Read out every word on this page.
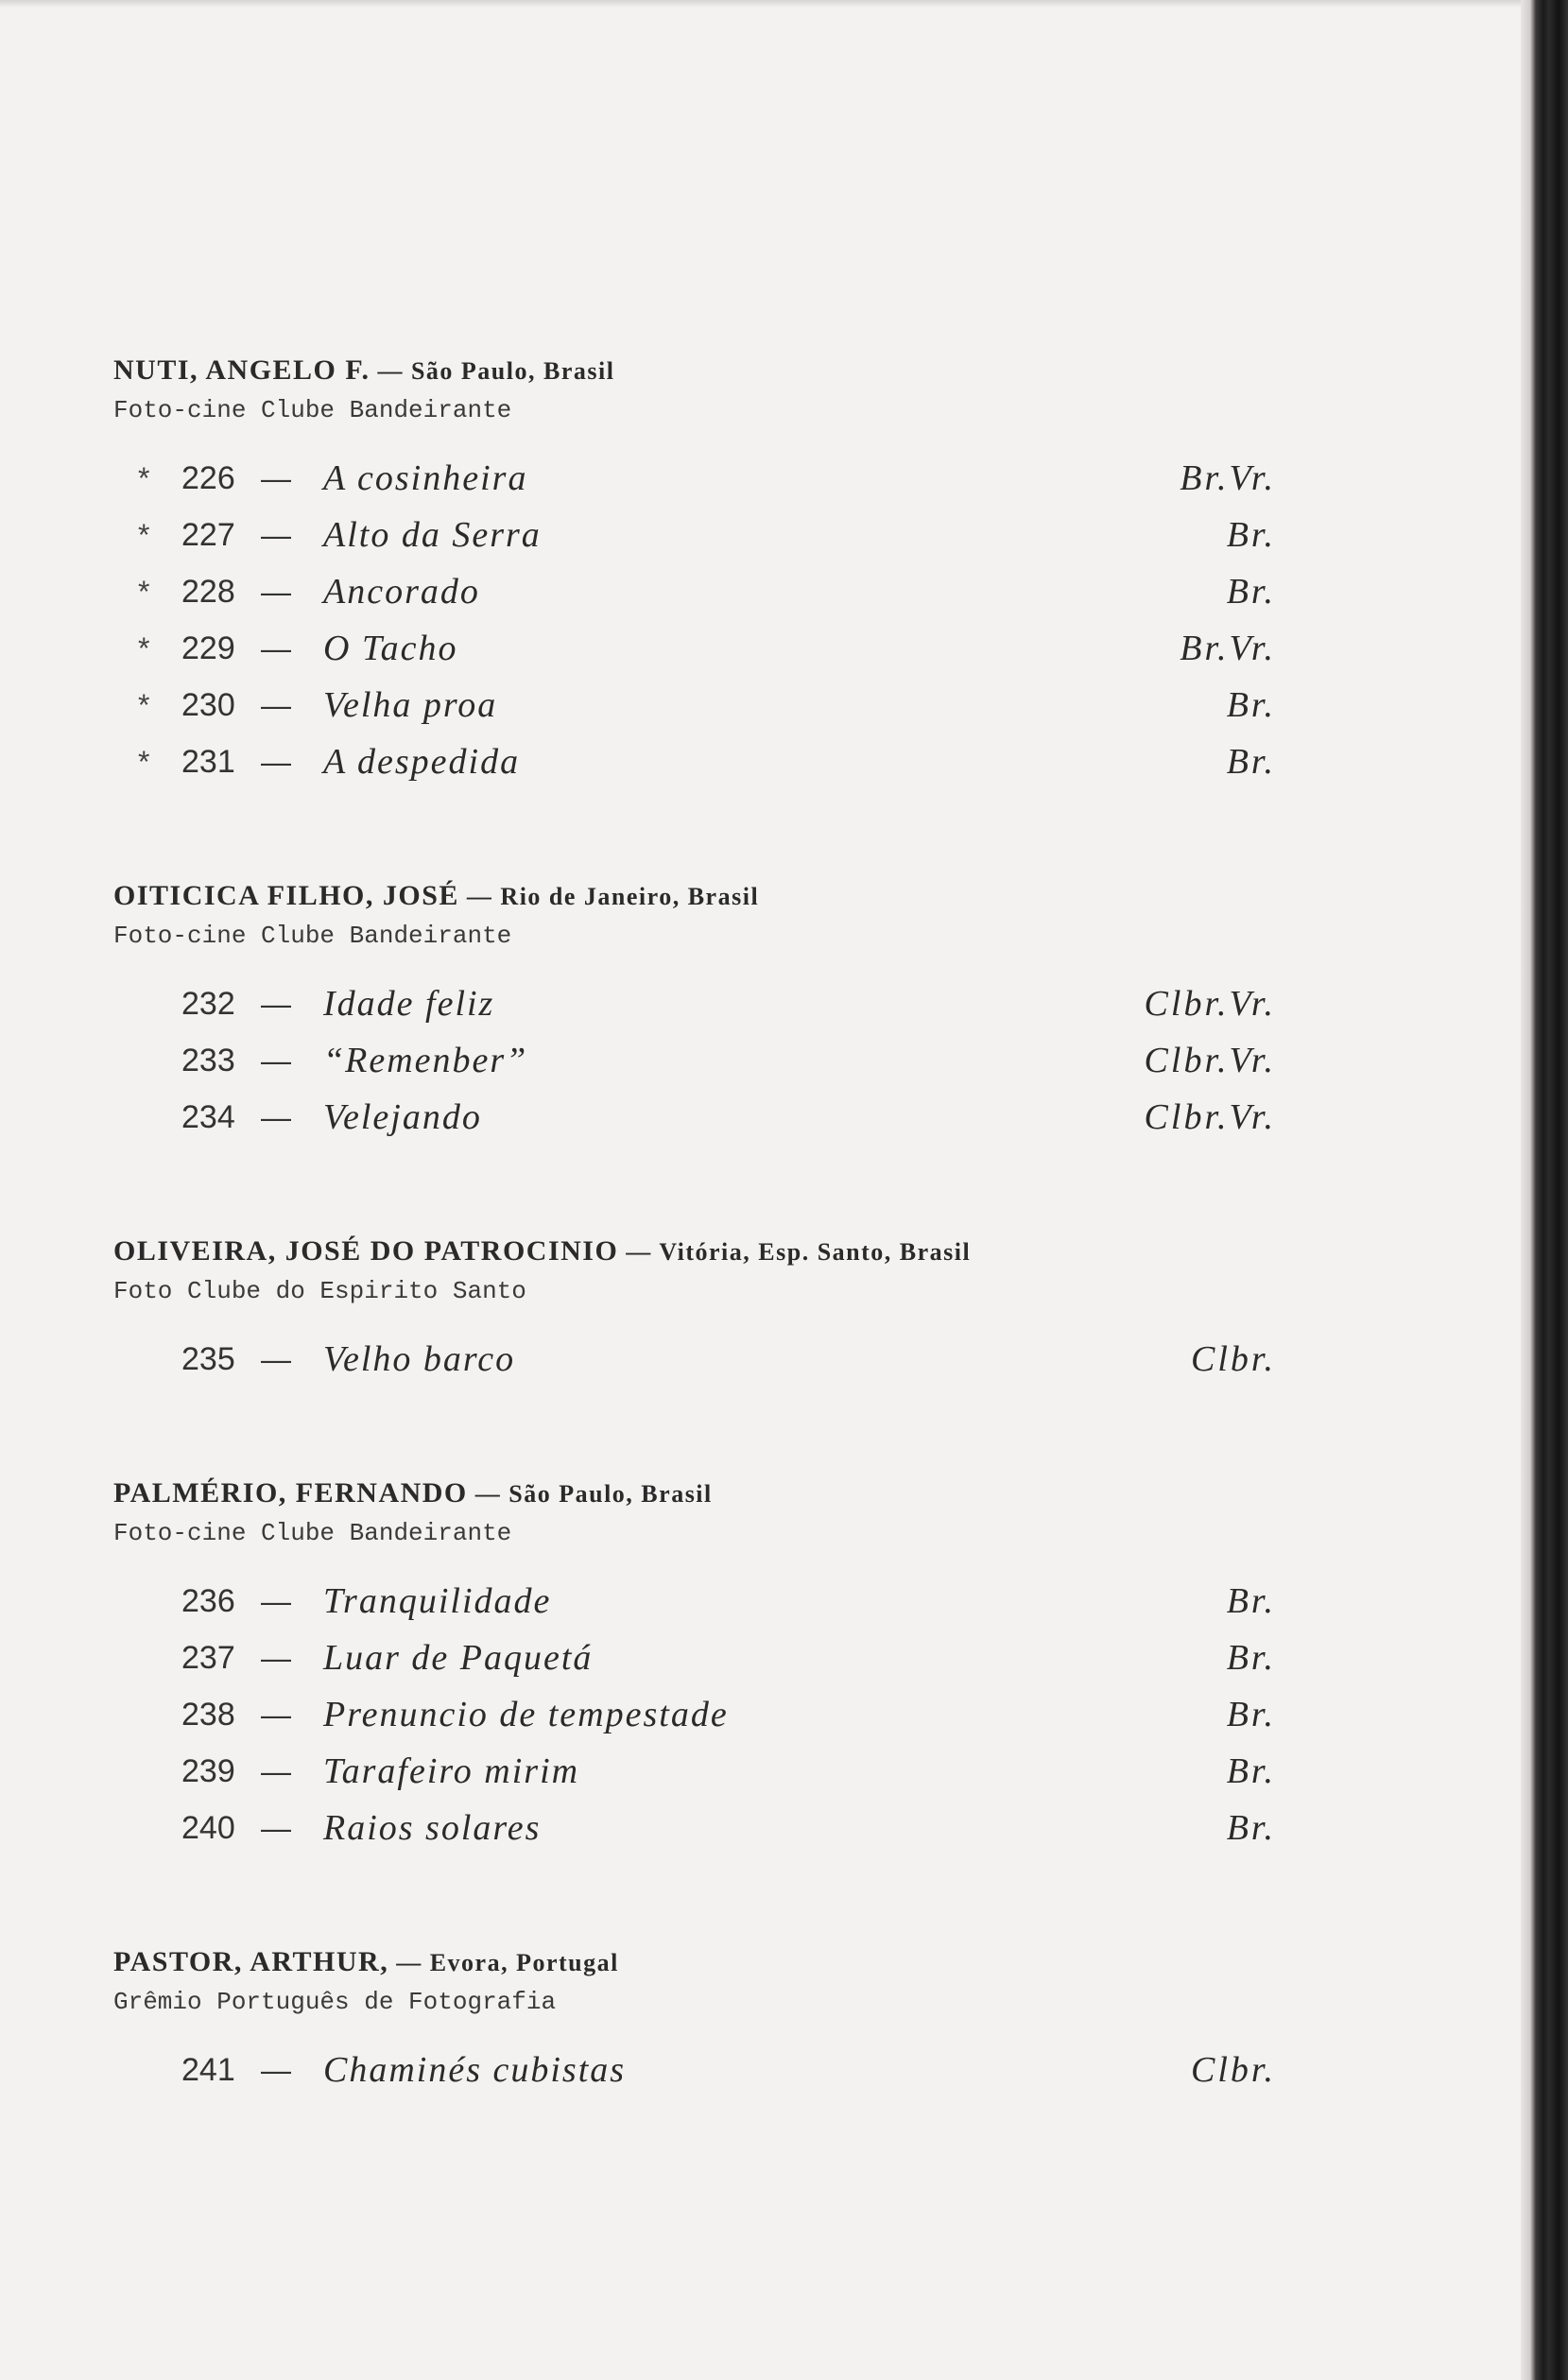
NUTI, ANGELO F. — São Paulo, Brasil
Foto-cine Clube Bandeirante
* 226 — A cosinheira	Br.Vr.
* 227 — Alto da Serra	Br.
* 228 — Ancorado	Br.
* 229 — O Tacho	Br.Vr.
* 230 — Velha proa	Br.
* 231 — A despedida	Br.
OITICICA FILHO, JOSÉ — Rio de Janeiro, Brasil
Foto-cine Clube Bandeirante
232 — Idade feliz	Clbr.Vr.
233 — “Remenber”	Clbr.Vr.
234 — Velejando	Clbr.Vr.
OLIVEIRA, JOSÉ DO PATROCINIO — Vitória, Esp. Santo, Brasil
Foto Clube do Espirito Santo
235 — Velho barco	Clbr.
PALMÉRIO, FERNANDO — São Paulo, Brasil
Foto-cine Clube Bandeirante
236 — Tranquilidade	Br.
237 — Luar de Paquetá	Br.
238 — Prenuncio de tempestade	Br.
239 — Tarafeiro mirim	Br.
240 — Raios solares	Br.
PASTOR, ARTHUR, — Evora, Portugal
Grêmio Português de Fotografia
241 — Chaminés cubistas	Clbr.
